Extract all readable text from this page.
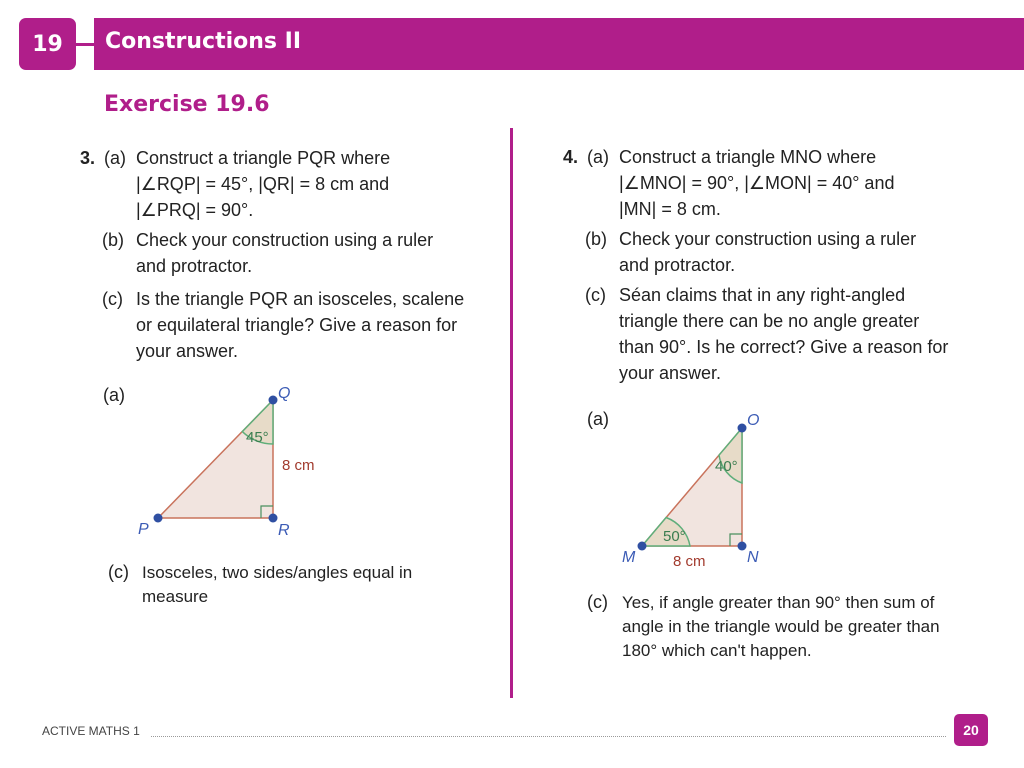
19	Constructions II
Exercise 19.6
3. (a) Construct a triangle PQR where
|∠RQP| = 45°, |QR| = 8 cm and
|∠PRQ| = 90°.
(b) Check your construction using a ruler
and protractor.
(c) Is the triangle PQR an isosceles, scalene
or equilateral triangle? Give a reason for
your answer.
(a)
P
Q
R
45°
8 cm
(c) Isosceles, two sides/angles equal in
measure
4. (a) Construct a triangle MNO where
|∠MNO| = 90°, |∠MON| = 40° and
|MN| = 8 cm.
(b) Check your construction using a ruler
and protractor.
(c) Séan claims that in any right-angled
triangle there can be no angle greater
than 90°. Is he correct? Give a reason for
your answer.
(a)
M	N
O
40°
50°
8 cm
(c) Yes, if angle greater than 90° then sum of
angle in the triangle would be greater than
180° which can't happen.
ACTIVE MATHS 1	20
